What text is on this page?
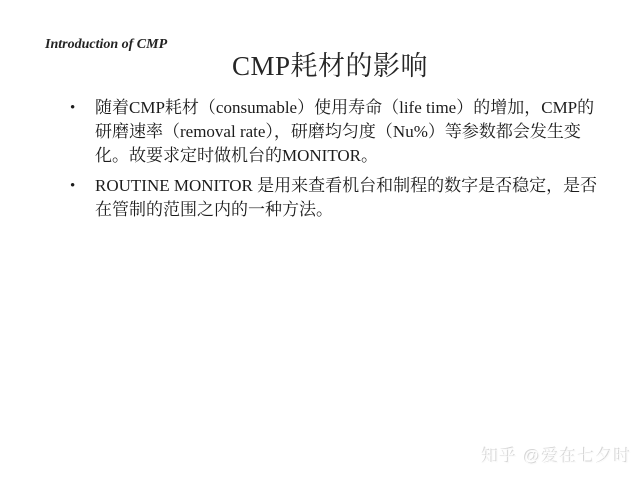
Introduction of CMP
CMP耗材的影响
•	随着CMP耗材（consumable）使用寿命（life time）的增加，CMP的研磨速率（removal rate），研磨均匀度（Nu%）等参数都会发生变化。故要求定时做机台的MONITOR。
•	ROUTINE MONITOR 是用来查看机台和制程的数字是否稳定，是否在管制的范围之内的一种方法。
知乎 @爱在七夕时
